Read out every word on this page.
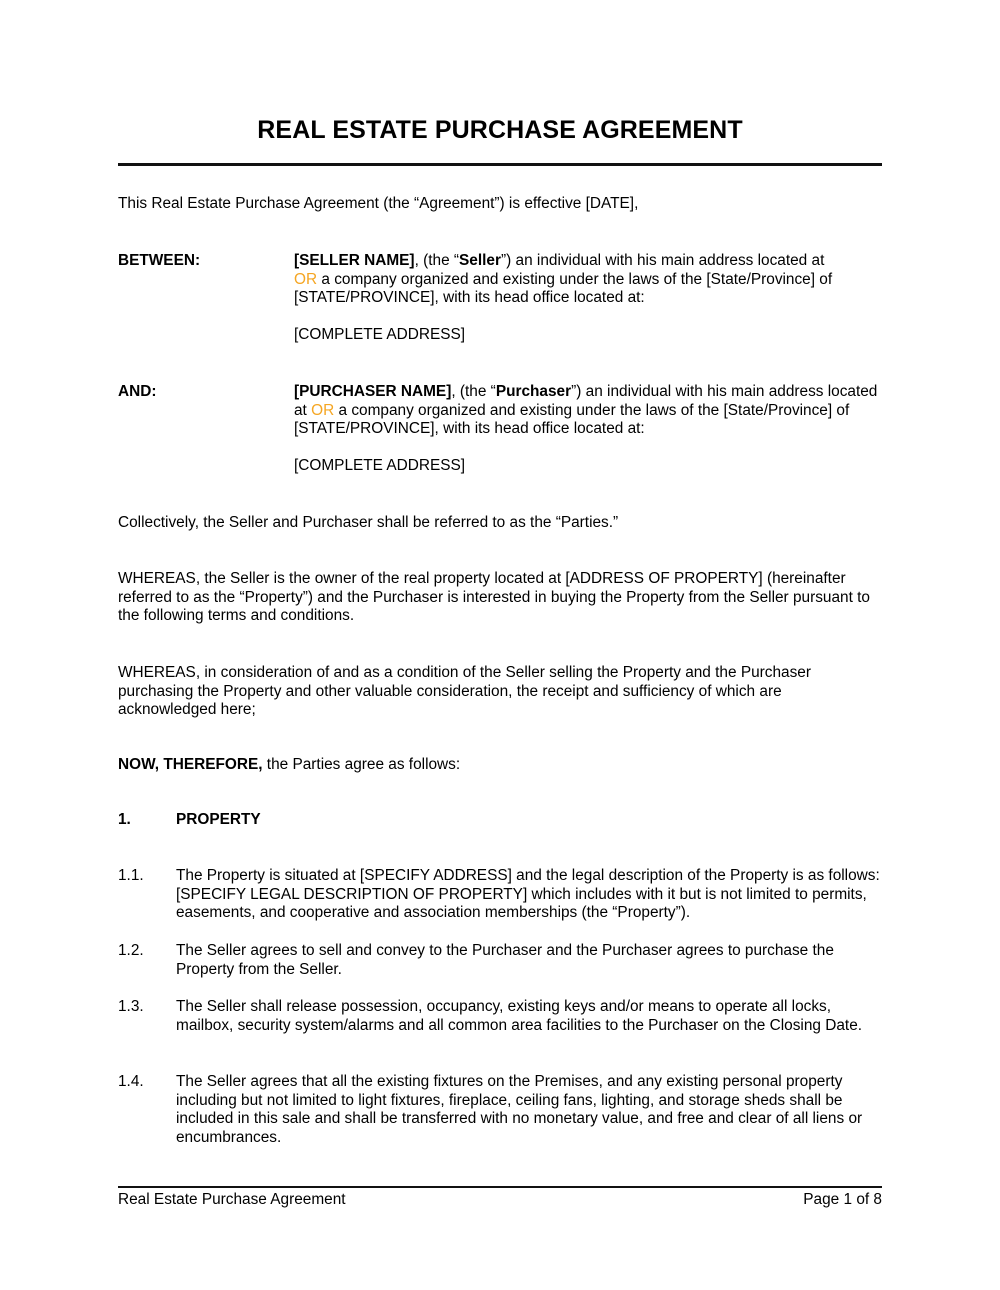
REAL ESTATE PURCHASE AGREEMENT

This Real Estate Purchase Agreement (the “Agreement”) is effective [DATE],

BETWEEN:	[SELLER NAME], (the “Seller”) an individual with his main address located at
OR a company organized and existing under the laws of the [State/Province] of [STATE/PROVINCE], with its head office located at:
[COMPLETE ADDRESS]
AND:	[PURCHASER NAME], (the “Purchaser”) an individual with his main address located at OR a company organized and existing under the laws of the [State/Province] of [STATE/PROVINCE], with its head office located at:
[COMPLETE ADDRESS]

Collectively, the Seller and Purchaser shall be referred to as the “Parties.”

WHEREAS, the Seller is the owner of the real property located at [ADDRESS OF PROPERTY] (hereinafter referred to as the “Property”) and the Purchaser is interested in buying the Property from the Seller pursuant to the following terms and conditions.

WHEREAS, in consideration of and as a condition of the Seller selling the Property and the Purchaser purchasing the Property and other valuable consideration, the receipt and sufficiency of which are acknowledged here;

NOW, THEREFORE, the Parties agree as follows:

1.	PROPERTY
1.1. The Property is situated at [SPECIFY ADDRESS] and the legal description of the Property is as follows: [SPECIFY LEGAL DESCRIPTION OF PROPERTY] which includes with it but is not limited to permits, easements, and cooperative and association memberships (the “Property”).
1.2. The Seller agrees to sell and convey to the Purchaser and the Purchaser agrees to purchase the Property from the Seller.
1.3. The Seller shall release possession, occupancy, existing keys and/or means to operate all locks, mailbox, security system/alarms and all common area facilities to the Purchaser on the Closing Date.
1.4. The Seller agrees that all the existing fixtures on the Premises, and any existing personal property including but not limited to light fixtures, fireplace, ceiling fans, lighting, and storage sheds shall be included in this sale and shall be transferred with no monetary value, and free and clear of all liens or encumbrances.
Real Estate Purchase Agreement	Page 1 of 8
